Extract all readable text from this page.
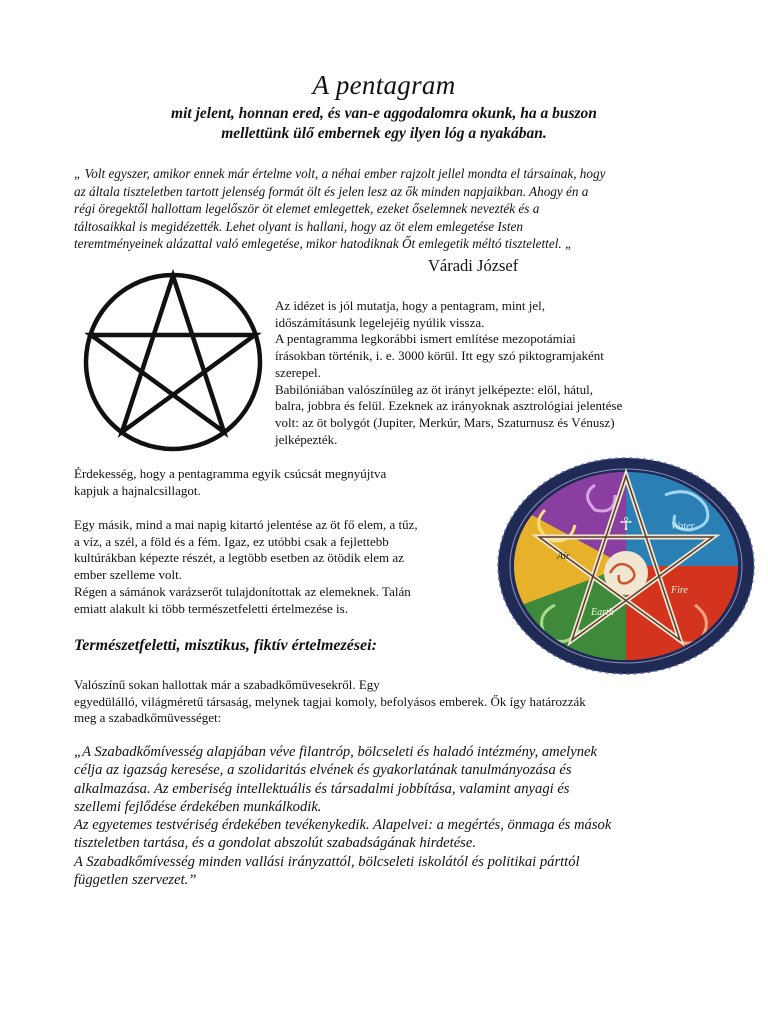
A pentagram
mit jelent, honnan ered, és van-e aggodalomra okunk, ha a buszon
mellettünk ülő embernek egy ilyen lóg a nyakában.
„ Volt egyszer, amikor ennek már értelme volt, a néhai ember rajzolt jellel mondta el társainak, hogy
az általa tiszteletben tartott jelenség formát ölt és jelen lesz az ők minden napjaikban. Ahogy én a
régi öregektől hallottam legelőször öt elemet emlegettek, ezeket őselemnek nevezték és a
táltosaikkal is megidézették. Lehet olyant is hallani, hogy az öt elem emlegetése Isten
teremtményeinek alázattal való emlegetése, mikor hatodiknak Őt emlegetik méltó tisztelettel. „
Váradi József
Az idézet is jól mutatja, hogy a pentagram, mint jel,
időszámításunk legelejéig nyúlik vissza.
A pentagramma legkorábbi ismert említése mezopotámiai
írásokban történik, i. e. 3000 körül. Itt egy szó piktogramjaként
szerepel.
Babilóniában valószínüleg az öt irányt jelképezte: elöl, hátul,
balra, jobbra és felül. Ezeknek az irányoknak asztrológiai jelentése
volt: az öt bolygót (Jupiter, Merkúr, Mars, Szaturnusz és Vénusz)
jelképezték.
Érdekesség, hogy a pentagramma egyik csúcsát megnyújtva
kapjuk a hajnalcsillagot.
Egy másik, mind a mai napig kitartó jelentése az öt fő elem, a tűz,
a víz, a szél, a föld és a fém. Igaz, ez utóbbi csak a fejlettebb
kultúrákban képezte részét, a legtöbb esetben az ötödik elem az
ember szelleme volt.
Régen a sámánok varázserőt tulajdonítottak az elemeknek. Talán
emiatt alakult ki több természetfeletti értelmezése is.
☥	Water
Air
Fire
Earth
Természetfeletti, misztikus, fiktív értelmezései:
Valószínű sokan hallottak már a szabadkőmüvesekről. Egy
egyedülálló, világméretű társaság, melynek tagjai komoly, befolyásos emberek. Ők így határozzák
meg a szabadkőmüvességet:
„A Szabadkőmívesség alapjában véve filantróp, bölcseleti és haladó intézmény, amelynek
célja az igazság keresése, a szolidaritás elvének és gyakorlatának tanulmányozása és
alkalmazása. Az emberiség intellektuális és társadalmi jobbítása, valamint anyagi és
szellemi fejlődése érdekében munkálkodik.
Az egyetemes testvériség érdekében tevékenykedik. Alapelvei: a megértés, önmaga és mások
tiszteletben tartása, és a gondolat abszolút szabadságának hirdetése.
A Szabadkőmívesség minden vallási irányzattól, bölcseleti iskolától és politikai párttól
független szervezet.”
